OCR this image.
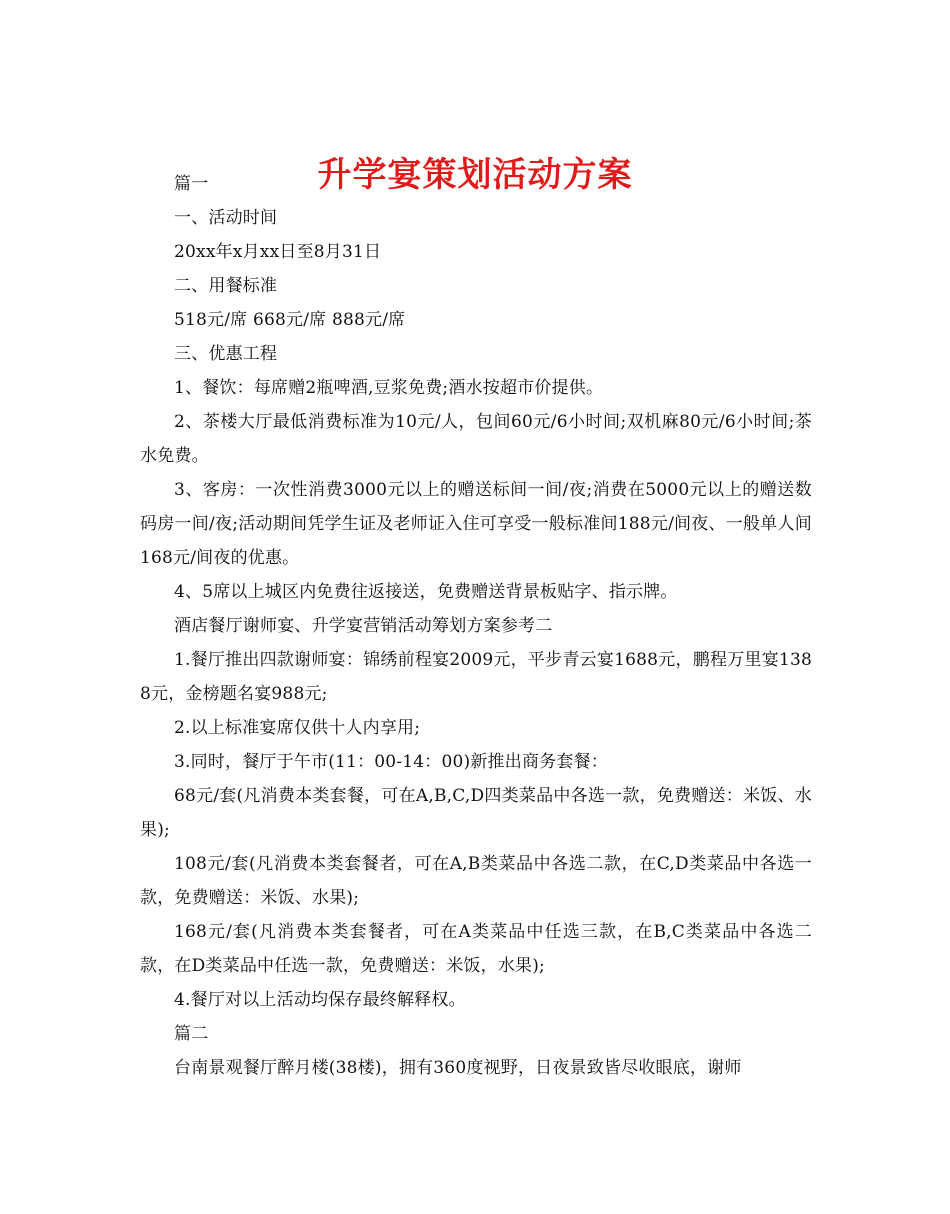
升学宴策划活动方案

篇一

一、活动时间

20xx年x月xx日至8月31日

二、用餐标准

518元/席 668元/席 888元/席

三、优惠工程

1、餐饮：每席赠2瓶啤酒,豆浆免费;酒水按超市价提供。

2、茶楼大厅最低消费标准为10元/人，包间60元/6小时间;双机麻80元/6小时间;茶水免费。

3、客房：一次性消费3000元以上的赠送标间一间/夜;消费在5000元以上的赠送数码房一间/夜;活动期间凭学生证及老师证入住可享受一般标准间188元/间夜、一般单人间168元/间夜的优惠。

4、5席以上城区内免费往返接送，免费赠送背景板贴字、指示牌。

酒店餐厅谢师宴、升学宴营销活动筹划方案参考二

1.餐厅推出四款谢师宴：锦绣前程宴2009元，平步青云宴1688元，鹏程万里宴1388元，金榜题名宴988元;

2.以上标准宴席仅供十人内享用;

3.同时，餐厅于午市(11：00-14：00)新推出商务套餐：

68元/套(凡消费本类套餐，可在A,B,C,D四类菜品中各选一款，免费赠送：米饭、水果);

108元/套(凡消费本类套餐者，可在A,B类菜品中各选二款，在C,D类菜品中各选一款，免费赠送：米饭、水果);

168元/套(凡消费本类套餐者，可在A类菜品中任选三款，在B,C类菜品中各选二款，在D类菜品中任选一款，免费赠送：米饭，水果);

4.餐厅对以上活动均保存最终解释权。

篇二

台南景观餐厅醉月楼(38楼)，拥有360度视野，日夜景致皆尽收眼底，谢师
